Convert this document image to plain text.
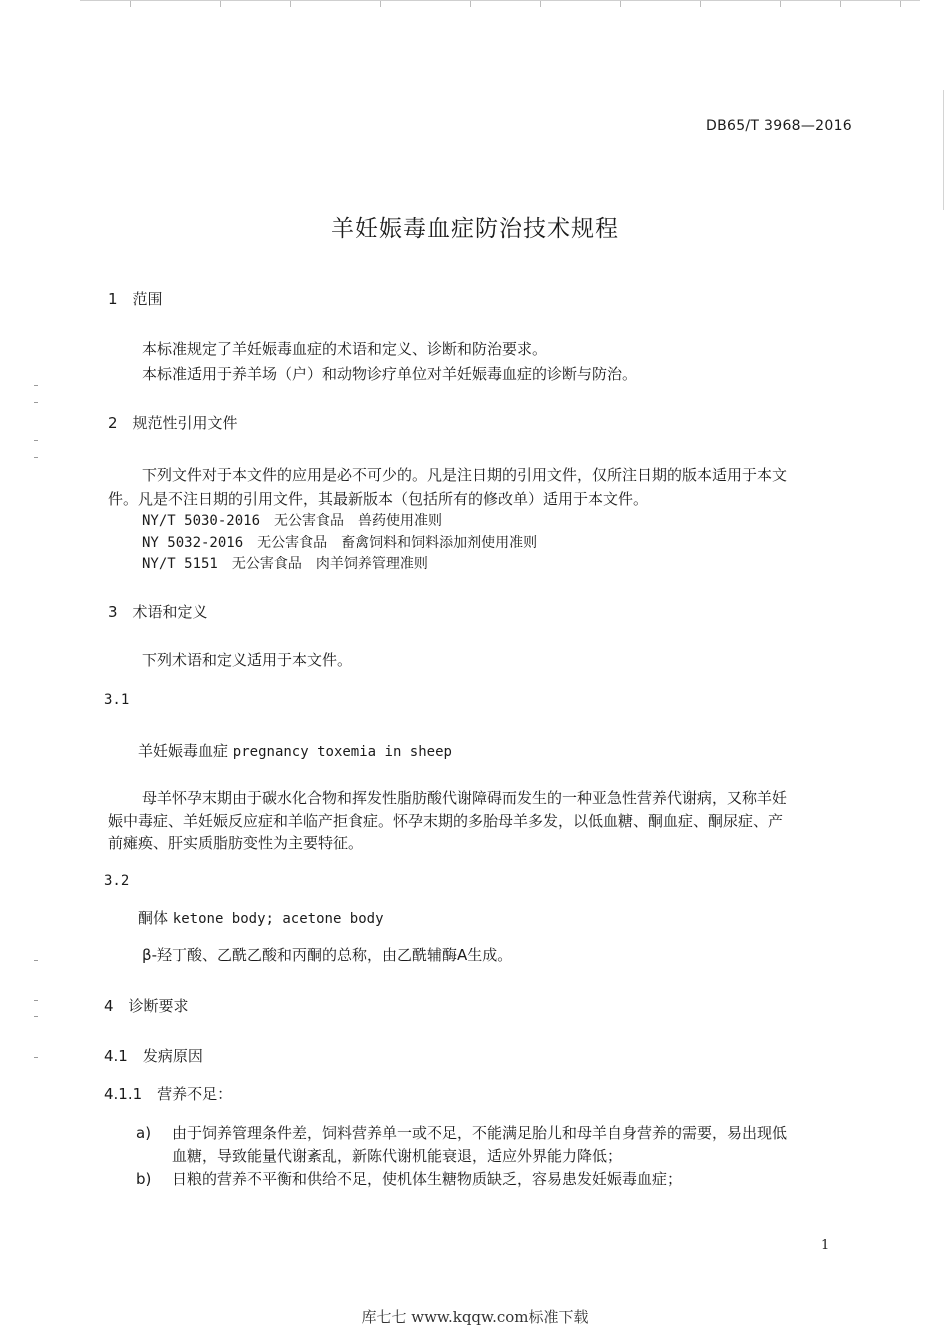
DB65/T 3968—2016
羊妊娠毒血症防治技术规程
1　范围
本标准规定了羊妊娠毒血症的术语和定义、诊断和防治要求。
本标准适用于养羊场（户）和动物诊疗单位对羊妊娠毒血症的诊断与防治。
2　规范性引用文件
下列文件对于本文件的应用是必不可少的。凡是注日期的引用文件，仅所注日期的版本适用于本文
件。凡是不注日期的引用文件，其最新版本（包括所有的修改单）适用于本文件。
NY/T 5030-2016　无公害食品　兽药使用准则
NY 5032-2016　无公害食品　畜禽饲料和饲料添加剂使用准则
NY/T 5151　无公害食品　肉羊饲养管理准则
3　术语和定义
下列术语和定义适用于本文件。
3.1
羊妊娠毒血症 pregnancy toxemia in sheep
母羊怀孕末期由于碳水化合物和挥发性脂肪酸代谢障碍而发生的一种亚急性营养代谢病，又称羊妊
娠中毒症、羊妊娠反应症和羊临产拒食症。怀孕末期的多胎母羊多发，以低血糖、酮血症、酮尿症、产
前瘫痪、肝实质脂肪变性为主要特征。
3.2
酮体 ketone body; acetone body
β-羟丁酸、乙酰乙酸和丙酮的总称，由乙酰辅酶A生成。
4　诊断要求
4.1　发病原因
4.1.1　营养不足：
a) 由于饲养管理条件差，饲料营养单一或不足，不能满足胎儿和母羊自身营养的需要，易出现低
血糖，导致能量代谢紊乱，新陈代谢机能衰退，适应外界能力降低；
b) 日粮的营养不平衡和供给不足，使机体生糖物质缺乏，容易患发妊娠毒血症；
1
库七七 www.kqqw.com标准下载
